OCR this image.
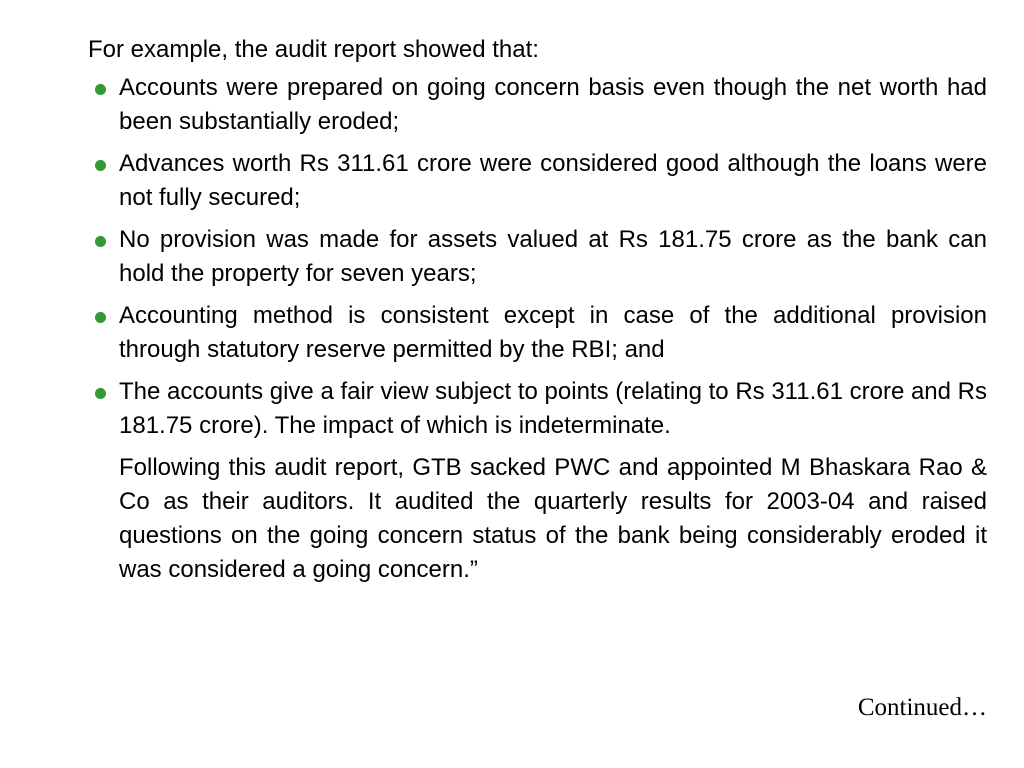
For example, the audit report showed that:
Accounts were prepared on going concern basis even though the net worth had been substantially eroded;
Advances worth Rs 311.61 crore were considered good although the loans were not fully secured;
No provision was made for assets valued at Rs 181.75 crore as the bank can hold the property for seven years;
Accounting method is consistent except in case of the additional provision through statutory reserve permitted by the RBI; and
The accounts give a fair view subject to points (relating to Rs 311.61 crore and Rs 181.75 crore). The impact of which is indeterminate.
Following this audit report, GTB sacked PWC and appointed M Bhaskara Rao & Co as their auditors. It audited the quarterly results for 2003-04 and raised questions on the going concern status of the bank being considerably eroded it was considered a going concern.”
Continued…
